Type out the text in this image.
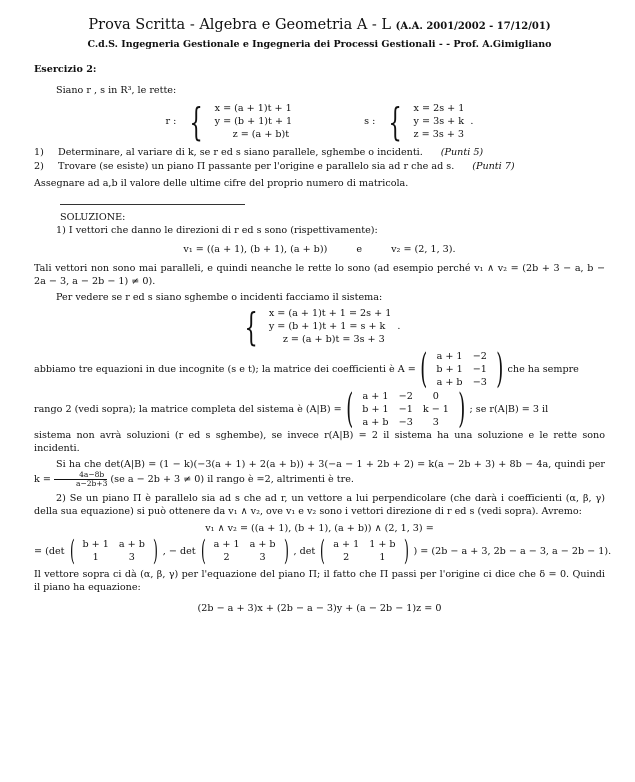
Prova Scritta - Algebra e Geometria A - L (A.A. 2001/2002 - 17/12/01)
C.d.S. Ingegneria Gestionale e Ingegneria dei Processi Gestionali - - Prof. A.Gimigliano
Esercizio 2:

Siano r , s in R³, le rette:

r : { x = (a + 1)t + 1
y = (b + 1)t + 1
z = (a + b)t
s : { x = 2s + 1
y = 3s + k
z = 3s + 3
.
1)	Determinare, al variare di k, se r ed s siano parallele, sghembe o incidenti. (Punti 5)
2)	Trovare (se esiste) un piano Π passante per l'origine e parallelo sia ad r che ad s. (Punti 7)

Assegnare ad a,b il valore delle ultime cifre del proprio numero di matricola.

SOLUZIONE:

1) I vettori che danno le direzioni di r ed s sono (rispettivamente):

v₁ = ((a + 1), (b + 1), (a + b))	e	v₂ = (2, 1, 3).

Tali vettori non sono mai paralleli, e quindi neanche le rette lo sono (ad esempio perché v₁ ∧ v₂ = (2b + 3 − a, b − 2a − 3, a − 2b − 1) ≠ 0).

Per vedere se r ed s siano sghembe o incidenti facciamo il sistema:

{ x = (a + 1)t + 1 = 2s + 1
y = (b + 1)t + 1 = s + k
z = (a + b)t = 3s + 3
.
abbiamo tre equazioni in due incognite (s e t); la matrice dei coefficienti è A = ( a + 1	−2
b + 1	−1
a + b	−3 ) che ha sempre
rango 2 (vedi sopra); la matrice completa del sistema è (A|B) = ( a + 1	−2	0
b + 1	−1	k − 1
a + b	−3	3 ) ; se r(A|B) = 3 il

sistema non avrà soluzioni (r ed s sghembe), se invece r(A|B) = 2 il sistema ha una soluzione e le rette sono incidenti.

Si ha che det(A|B) = (1 − k)(−3(a + 1) + 2(a + b)) + 3(−a − 1 + 2b + 2) = k(a − 2b + 3) + 8b − 4a, quindi per $k = \frac{4a-8b}{a-2b+3} (se$ a − 2b + 3 ≠ 0) il rango è =2, altrimenti è tre.

2) Se un piano Π è parallelo sia ad s che ad r, un vettore a lui perpendicolare (che darà i coefficienti (α, β, γ) della sua equazione) si può ottenere da v₁ ∧ v₂, ove v₁ e v₂ sono i vettori direzione di r ed s (vedi sopra). Avremo:

v₁ ∧ v₂ = ((a + 1), (b + 1), (a + b)) ∧ (2, 1, 3) =
= (det ( b + 1	a + b
1	3 ) , − det ( a + 1	a + b
2	3 ) , det ( a + 1	1 + b
2	1 ) ) = (2b − a + 3, 2b − a − 3, a − 2b − 1).

Il vettore sopra ci dà (α, β, γ) per l'equazione del piano Π; il fatto che Π passi per l'origine ci dice che δ = 0. Quindi il piano ha equazione:

(2b − a + 3)x + (2b − a − 3)y + (a − 2b − 1)z = 0
